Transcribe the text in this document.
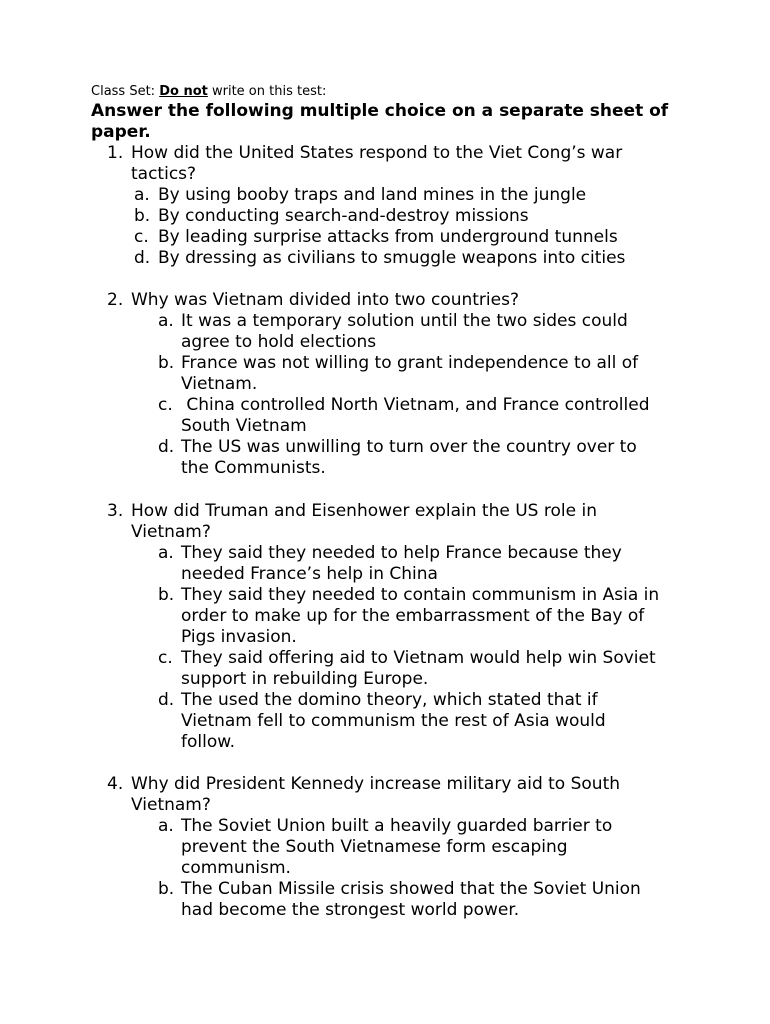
Class Set: Do not write on this test:
Answer the following multiple choice on a separate sheet of paper.
1. How did the United States respond to the Viet Cong’s war
tactics?
a. By using booby traps and land mines in the jungle
b. By conducting search-and-destroy missions
c. By leading surprise attacks from underground tunnels
d. By dressing as civilians to smuggle weapons into cities
2. Why was Vietnam divided into two countries?
a. It was a temporary solution until the two sides could
agree to hold elections
b. France was not willing to grant independence to all of
Vietnam.
c. China controlled North Vietnam, and France controlled
South Vietnam
d. The US was unwilling to turn over the country over to
the Communists.
3. How did Truman and Eisenhower explain the US role in
Vietnam?
a. They said they needed to help France because they
needed France’s help in China
b. They said they needed to contain communism in Asia in
order to make up for the embarrassment of the Bay of
Pigs invasion.
c. They said offering aid to Vietnam would help win Soviet
support in rebuilding Europe.
d. The used the domino theory, which stated that if
Vietnam fell to communism the rest of Asia would
follow.
4. Why did President Kennedy increase military aid to South
Vietnam?
a. The Soviet Union built a heavily guarded barrier to
prevent the South Vietnamese form escaping
communism.
b. The Cuban Missile crisis showed that the Soviet Union
had become the strongest world power.
